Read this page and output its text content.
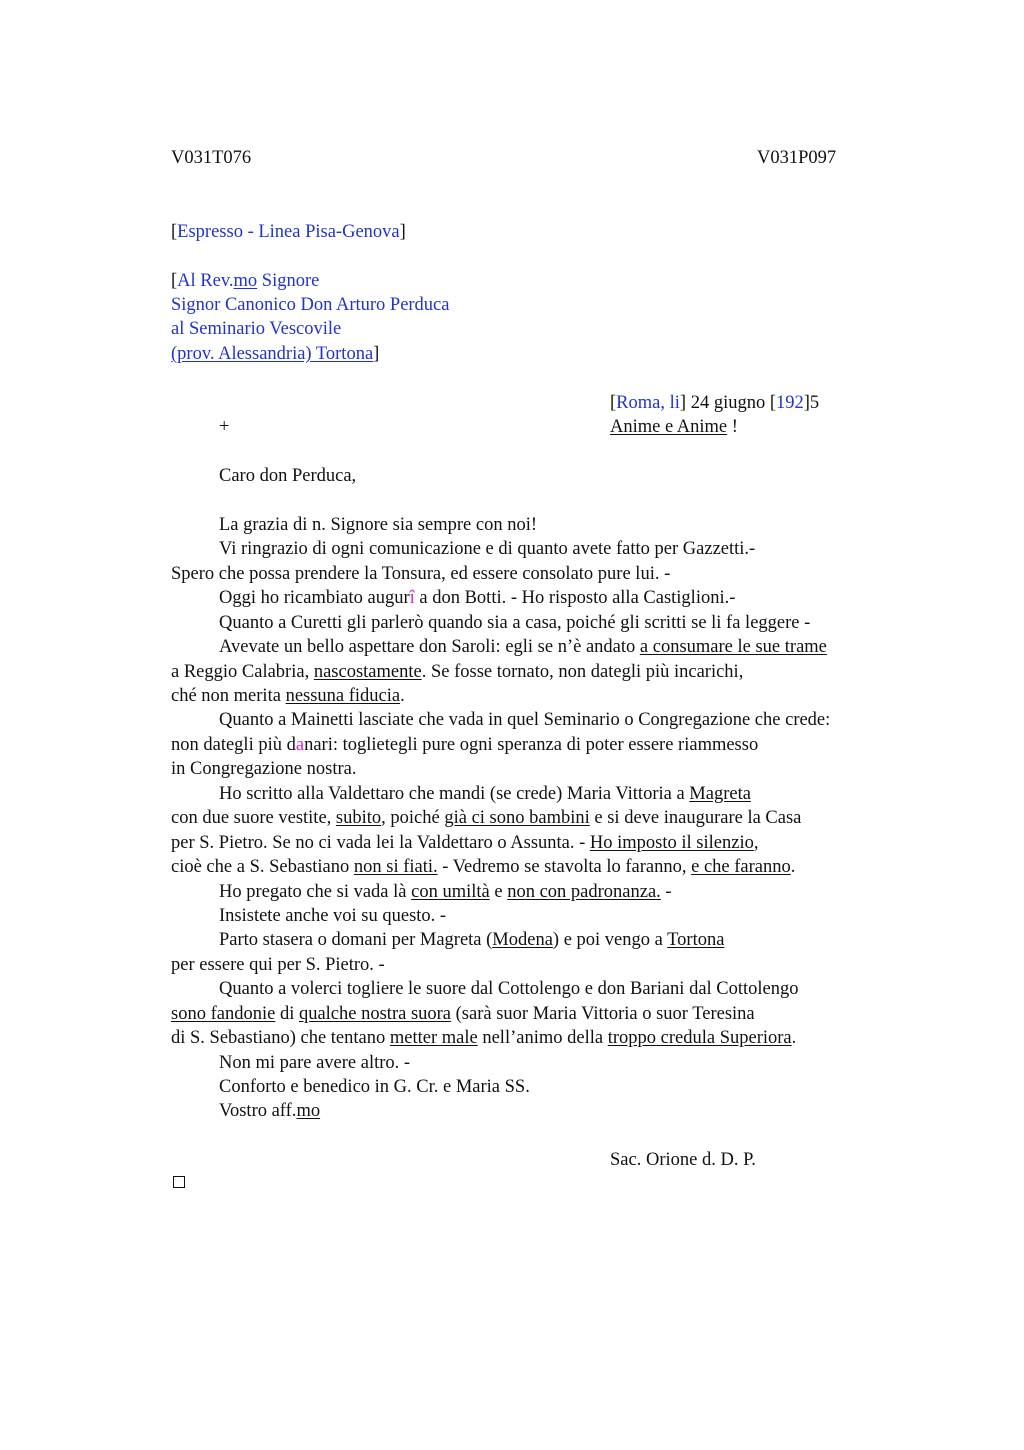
V031T076	V031P097
[Espresso - Linea Pisa-Genova]
[Al Rev.mo Signore
Signor Canonico Don Arturo Perduca
al Seminario Vescovile
(prov. Alessandria) Tortona]
[Roma, li] 24 giugno [192]5
+	Anime e Anime !
Caro don Perduca,
La grazia di n. Signore sia sempre con noi!
Vi ringrazio di ogni comunicazione e di quanto avete fatto per Gazzetti.-
Spero che possa prendere la Tonsura, ed essere consolato pure lui. -
Oggi ho ricambiato augurî a don Botti. - Ho risposto alla Castiglioni.-
Quanto a Curetti gli parlerò quando sia a casa, poiché gli scritti se li fa leggere -
Avevate un bello aspettare don Saroli: egli se n’è andato a consumare le sue trame
a Reggio Calabria, nascostamente. Se fosse tornato, non dategli più incarichi,
ché non merita nessuna fiducia.
Quanto a Mainetti lasciate che vada in quel Seminario o Congregazione che crede:
non dategli più danari: toglietegli pure ogni speranza di poter essere riammesso
in Congregazione nostra.
Ho scritto alla Valdettaro che mandi (se crede) Maria Vittoria a Magreta
con due suore vestite, subito, poiché già ci sono bambini e si deve inaugurare la Casa
per S. Pietro. Se no ci vada lei la Valdettaro o Assunta. - Ho imposto il silenzio,
cioè che a S. Sebastiano non si fiati. - Vedremo se stavolta lo faranno, e che faranno.
Ho pregato che si vada là con umiltà e non con padronanza. -
Insistete anche voi su questo. -
Parto stasera o domani per Magreta (Modena) e poi vengo a Tortona
per essere qui per S. Pietro. -
Quanto a volerci togliere le suore dal Cottolengo e don Bariani dal Cottolengo
sono fandonie di qualche nostra suora (sarà suor Maria Vittoria o suor Teresina
di S. Sebastiano) che tentano metter male nell’animo della troppo credula Superiora.
Non mi pare avere altro. -
Conforto e benedico in G. Cr. e Maria SS.
Vostro aff.mo
Sac. Orione d. D. P.
